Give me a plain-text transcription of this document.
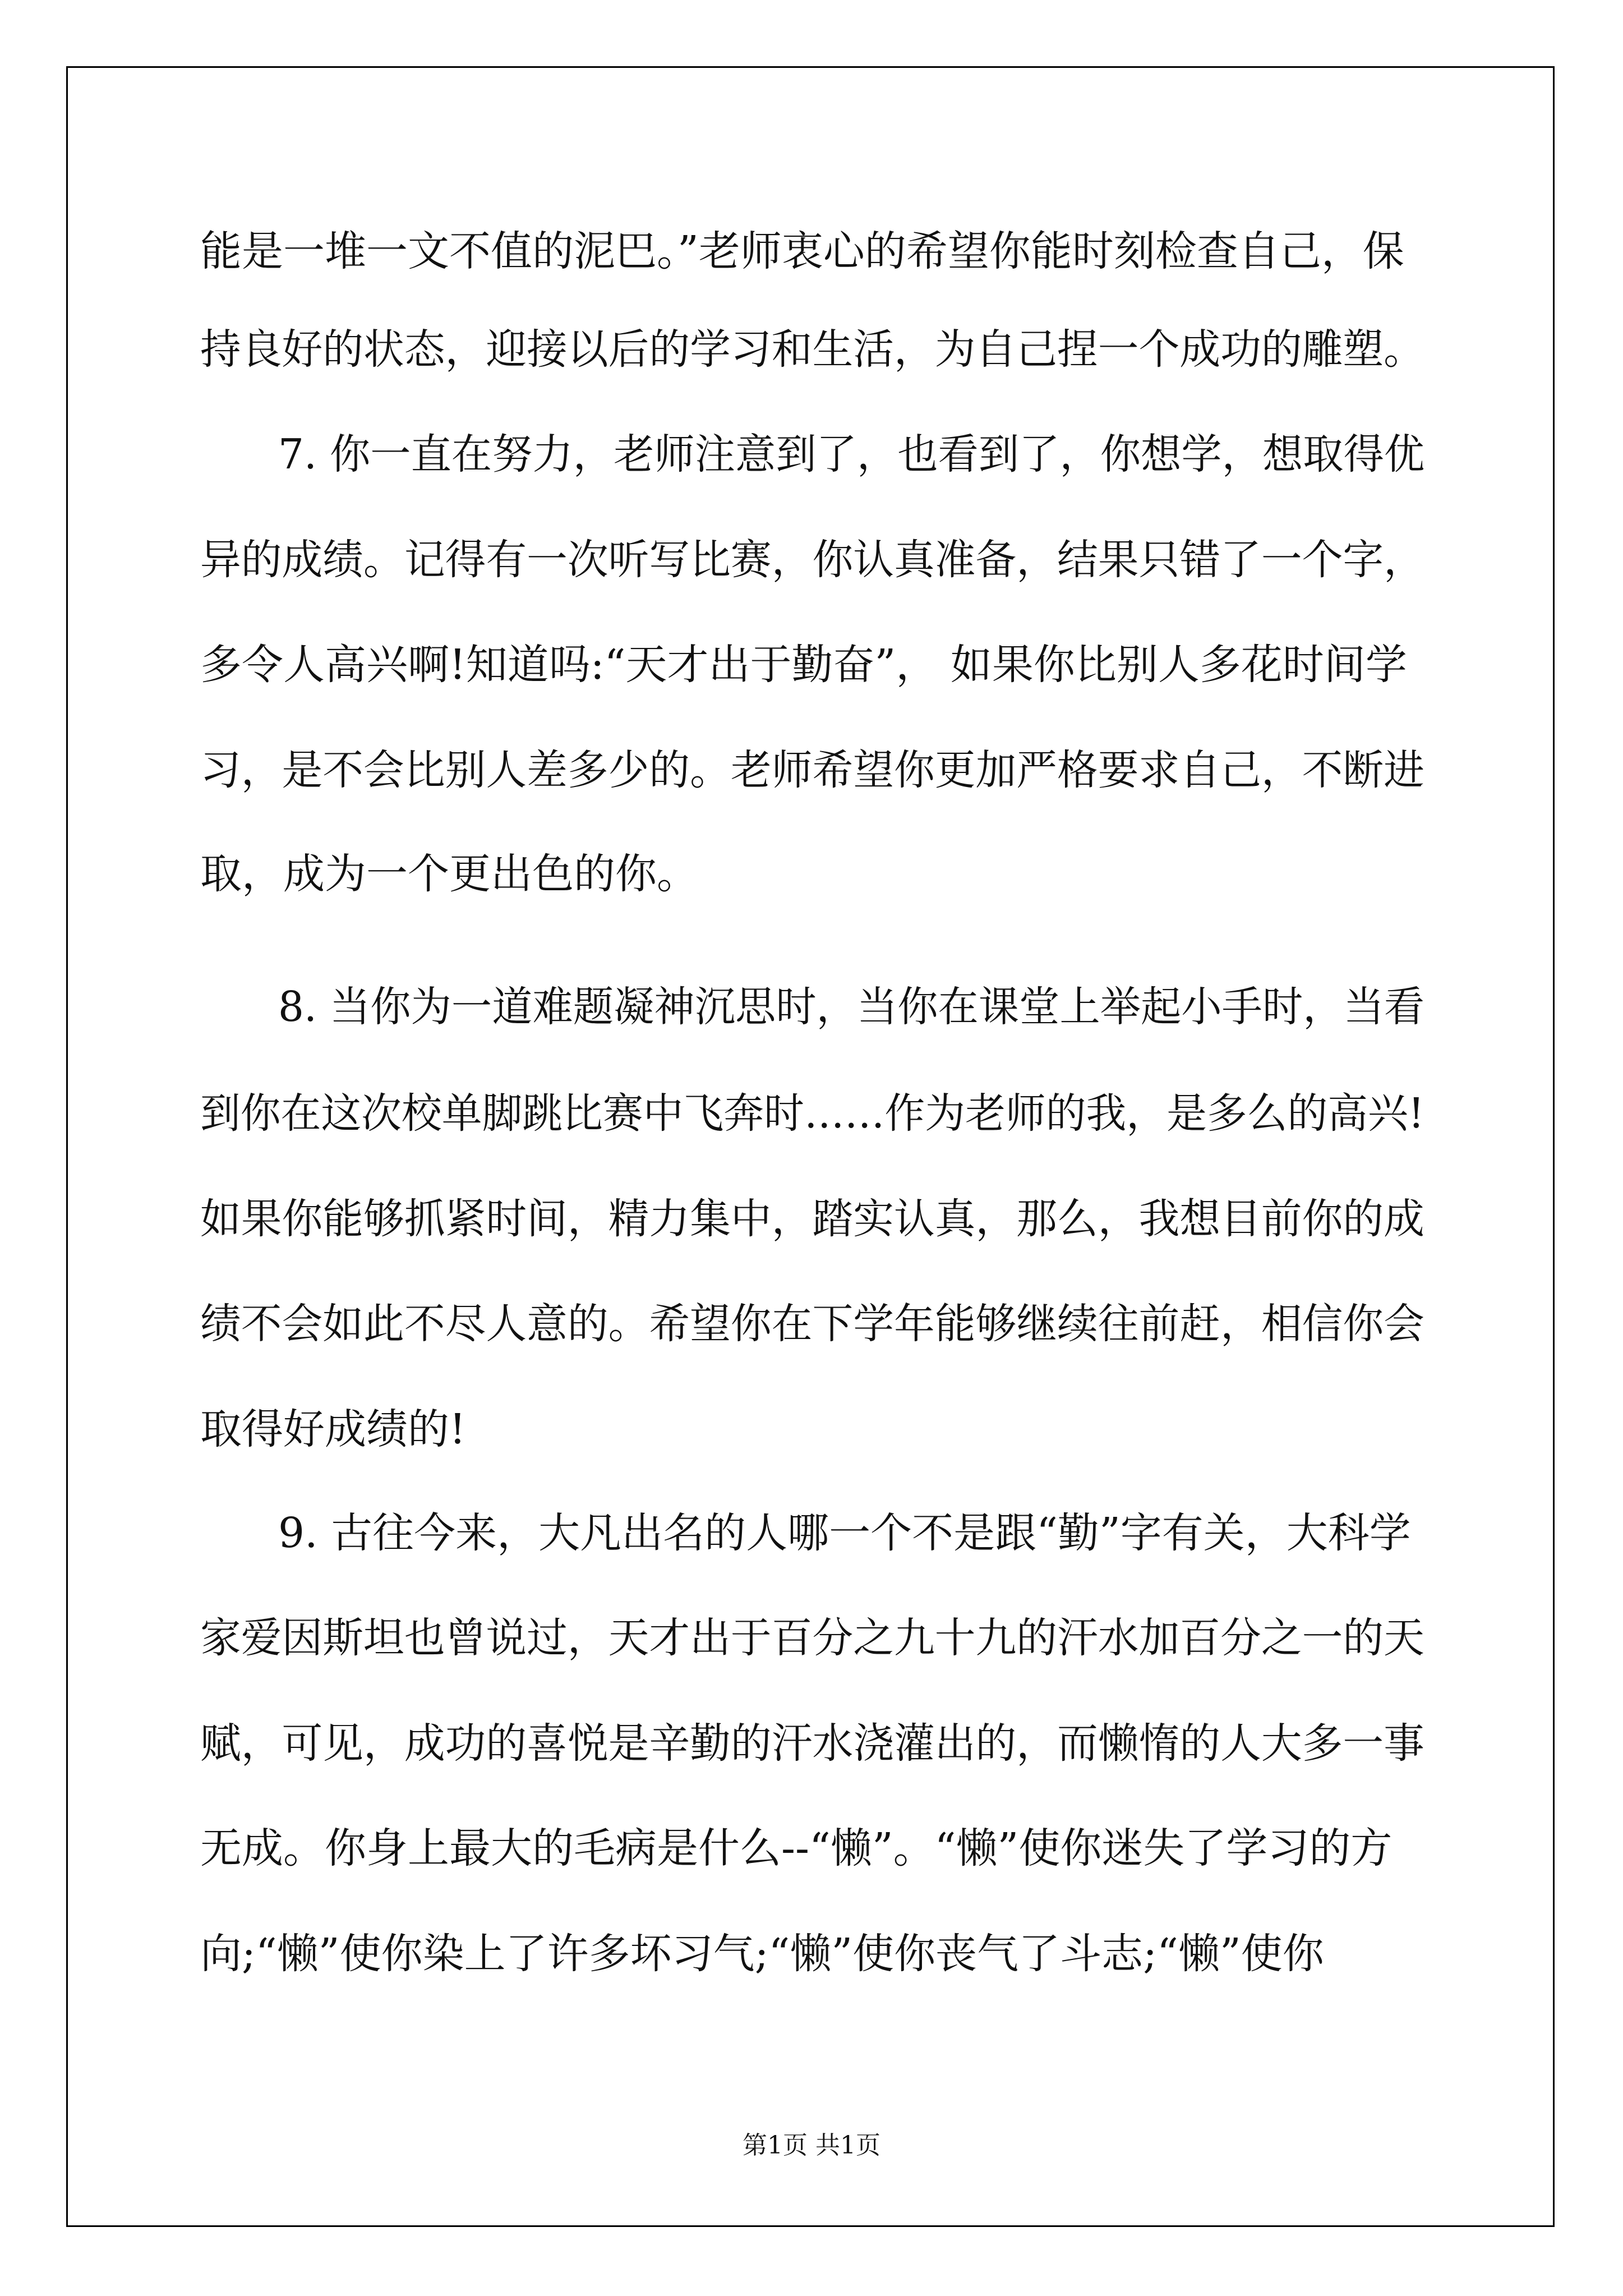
能是一堆一文不值的泥巴。”老师衷心的希望你能时刻检查自己，保
持良好的状态，迎接以后的学习和生活，为自己捏一个成功的雕塑。
7. 你一直在努力，老师注意到了，也看到了，你想学，想取得优
异的成绩。记得有一次听写比赛，你认真准备，结果只错了一个字，
多令人高兴啊!知道吗:“天才出于勤奋”， 如果你比别人多花时间学
习，是不会比别人差多少的。老师希望你更加严格要求自己，不断进
取，成为一个更出色的你。
8. 当你为一道难题凝神沉思时，当你在课堂上举起小手时，当看
到你在这次校单脚跳比赛中飞奔时……作为老师的我，是多么的高兴!
如果你能够抓紧时间，精力集中，踏实认真，那么，我想目前你的成
绩不会如此不尽人意的。希望你在下学年能够继续往前赶，相信你会
取得好成绩的!
9. 古往今来，大凡出名的人哪一个不是跟“勤”字有关，大科学
家爱因斯坦也曾说过，天才出于百分之九十九的汗水加百分之一的天
赋，可见，成功的喜悦是辛勤的汗水浇灌出的，而懒惰的人大多一事
无成。你身上最大的毛病是什么--“懒”。“懒”使你迷失了学习的方
向;“懒”使你染上了许多坏习气;“懒”使你丧气了斗志;“懒”使你
第1页 共1页
